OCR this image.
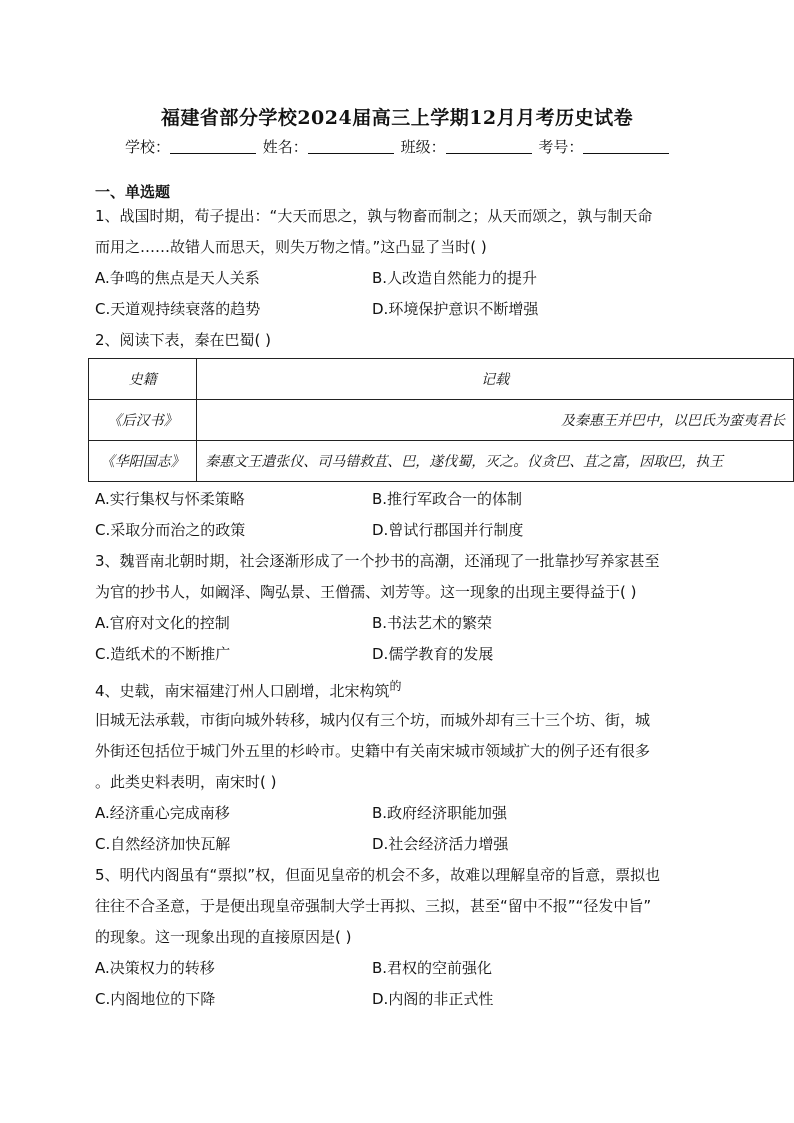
福建省部分学校2024届高三上学期12月月考历史试卷
学校：	姓名：	班级：	考号：
一、单选题
1、战国时期，荀子提出：“大天而思之，孰与物畜而制之；从天而颂之，孰与制天命
而用之……故错人而思天，则失万物之情。”这凸显了当时( )
A.争鸣的焦点是天人关系	B.人改造自然能力的提升
C.天道观持续衰落的趋势	D.环境保护意识不断增强
2、阅读下表，秦在巴蜀( )
史籍	记载
《后汉书》	及秦惠王并巴中，以巴氏为蛮夷君长
《华阳国志》	秦惠文王遣张仪、司马错救苴、巴，遂伐蜀，灭之。仪贪巴、苴之富，因取巴，执王
A.实行集权与怀柔策略	B.推行军政合一的体制
C.采取分而治之的政策	D.曾试行郡国并行制度
3、魏晋南北朝时期，社会逐渐形成了一个抄书的高潮，还涌现了一批靠抄写养家甚至
为官的抄书人，如阚泽、陶弘景、王僧孺、刘芳等。这一现象的出现主要得益于( )
A.官府对文化的控制	B.书法艺术的繁荣
C.造纸术的不断推广	D.儒学教育的发展
4、史载，南宋福建汀州人口剧增，北宋构筑$^的$
旧城无法承载，市街向城外转移，城内仅有三个坊，而城外却有三十三个坊、街，城
外街还包括位于城门外五里的杉岭市。史籍中有关南宋城市领域扩大的例子还有很多
。此类史料表明，南宋时( )
A.经济重心完成南移	B.政府经济职能加强
C.自然经济加快瓦解	D.社会经济活力增强
5、明代内阁虽有“票拟”权，但面见皇帝的机会不多，故难以理解皇帝的旨意，票拟也
往往不合圣意，于是便出现皇帝强制大学士再拟、三拟，甚至“留中不报”“径发中旨”
的现象。这一现象出现的直接原因是( )
A.决策权力的转移	B.君权的空前强化
C.内阁地位的下降	D.内阁的非正式性
